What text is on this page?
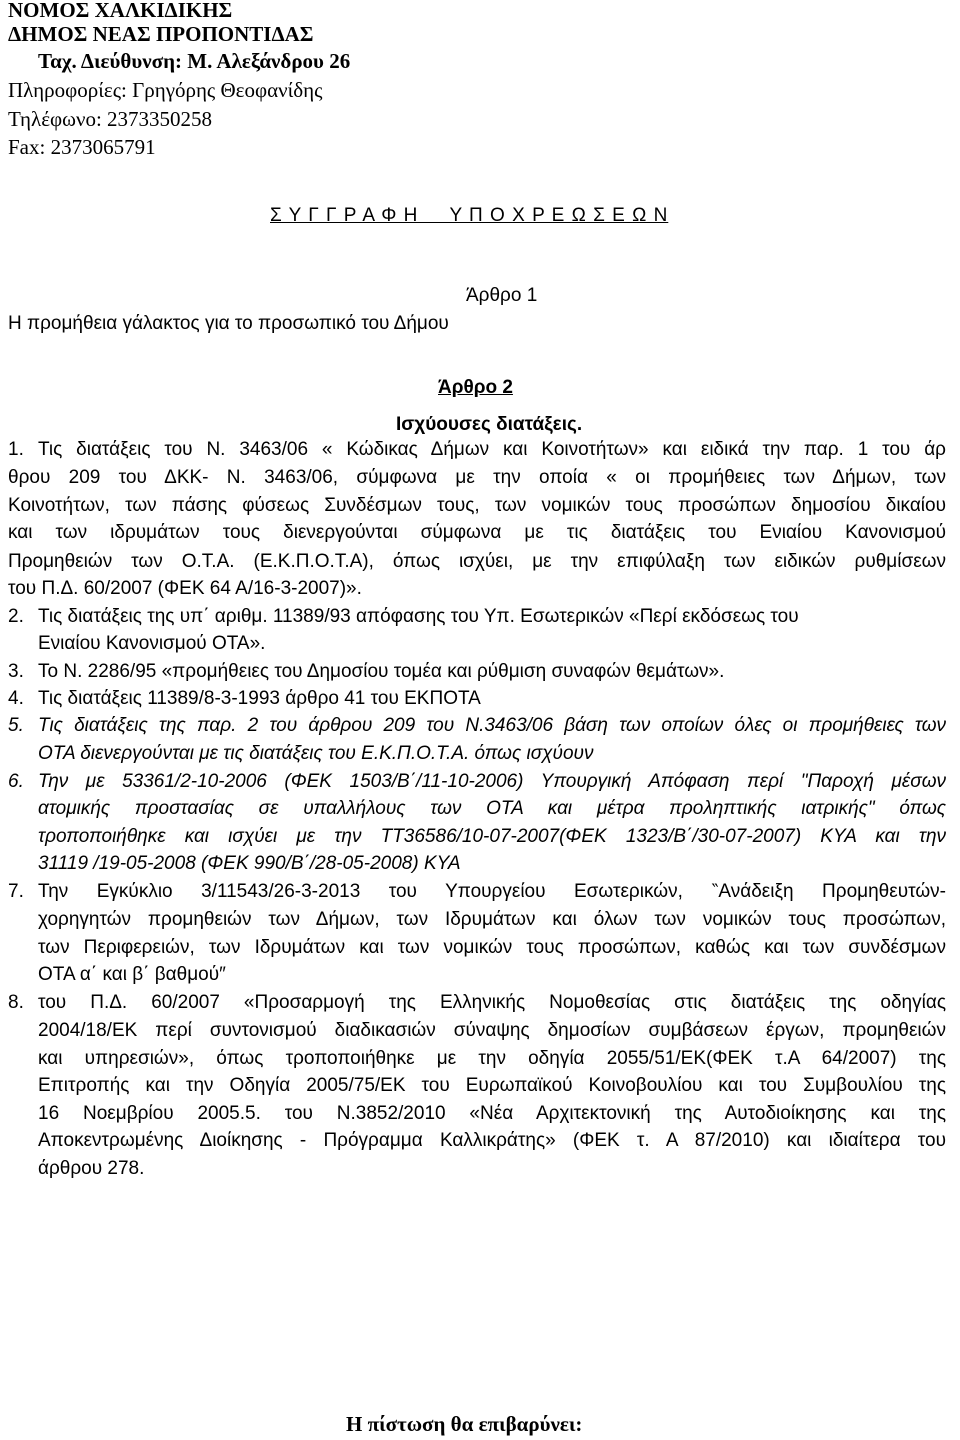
ΝΟΜΟΣ ΧΑΛΚΙΔΙΚΗΣ
ΔΗΜΟΣ ΝΕΑΣ ΠΡΟΠΟΝΤΙΔΑΣ
Ταχ. Διεύθυνση: Μ. Αλεξάνδρου 26
Πληροφορίες: Γρηγόρης Θεοφανίδης
Τηλέφωνο: 2373350258
Fax: 2373065791
Σ Υ Γ Γ Ρ Α Φ Η     Υ Π Ο Χ Ρ Ε Ω Σ Ε Ω Ν
Άρθρο 1
Η προμήθεια γάλακτος για το προσωπικό του Δήμου
Άρθρο 2
Ισχύουσες διατάξεις.
1. Τις διατάξεις του Ν. 3463/06 « Κώδικας Δήμων και Κοινοτήτων» και ειδικά την παρ. 1 του άρ
θρου 209 του ΔΚΚ- Ν. 3463/06, σύμφωνα με την οποία « οι προμήθειες των Δήμων, των
Κοινοτήτων, των πάσης φύσεως Συνδέσμων τους, των νομικών τους προσώπων δημοσίου δικαίου
και των ιδρυμάτων τους διενεργούνται σύμφωνα με τις διατάξεις του Ενιαίου Κανονισμού
Προμηθειών των Ο.Τ.Α. (Ε.Κ.Π.Ο.Τ.Α), όπως ισχύει, με την επιφύλαξη των ειδικών ρυθμίσεων
του Π.Δ. 60/2007 (ΦΕΚ 64 Α/16-3-2007)».
2. Τις διατάξεις της υπ΄ αριθμ. 11389/93 απόφασης του Υπ. Εσωτερικών «Περί εκδόσεως του
Ενιαίου Κανονισμού ΟΤΑ».
3. Το Ν. 2286/95 «προμήθειες του Δημοσίου τομέα και ρύθμιση συναφών θεμάτων».
4. Τις διατάξεις 11389/8-3-1993 άρθρο 41 του ΕΚΠΟΤΑ
5. Τις διατάξεις της παρ. 2 του άρθρου 209 του Ν.3463/06 βάση των οποίων όλες οι προμήθειες των
ΟΤΑ διενεργούνται με τις διατάξεις του Ε.Κ.Π.Ο.Τ.Α. όπως ισχύουν
6. Την με 53361/2-10-2006 (ΦΕΚ 1503/Β΄/11-10-2006) Υπουργική Απόφαση περί "Παροχή μέσων
ατομικής προστασίας σε υπαλλήλους των ΟΤΑ και μέτρα προληπτικής ιατρικής" όπως
τροποποιήθηκε και ισχύει με την ΤΤ36586/10-07-2007(ΦΕΚ 1323/Β΄/30-07-2007) ΚΥΑ και την
31119 /19-05-2008 (ΦΕΚ 990/Β΄/28-05-2008) ΚΥΑ
7. Την Εγκύκλιο 3/11543/26-3-2013 του Υπουργείου Εσωτερικών, ‶Ανάδειξη Προμηθευτών-
χορηγητών προμηθειών των Δήμων, των Ιδρυμάτων και όλων των νομικών τους προσώπων,
των Περιφερειών, των Ιδρυμάτων και των νομικών τους προσώπων, καθώς και των συνδέσμων
ΟΤΑ α΄ και β΄ βαθμού″
8. του Π.Δ. 60/2007 «Προσαρμογή της Ελληνικής Νομοθεσίας στις διατάξεις της οδηγίας
2004/18/ΕΚ περί συντονισμού διαδικασιών σύναψης δημοσίων συμβάσεων έργων, προμηθειών
και υπηρεσιών», όπως τροποποιήθηκε με την οδηγία 2055/51/ΕΚ(ΦΕΚ τ.Α 64/2007) της
Επιτροπής και την Οδηγία 2005/75/ΕΚ του Ευρωπαϊκού Κοινοβουλίου και του Συμβουλίου της
16 Νοεμβρίου 2005.5. του Ν.3852/2010 «Νέα Αρχιτεκτονική της Αυτοδιοίκησης και της
Αποκεντρωμένης Διοίκησης - Πρόγραμμα Καλλικράτης» (ΦΕΚ τ. Α 87/2010) και ιδιαίτερα του
άρθρου 278.
Η πίστωση θα επιβαρύνει:
